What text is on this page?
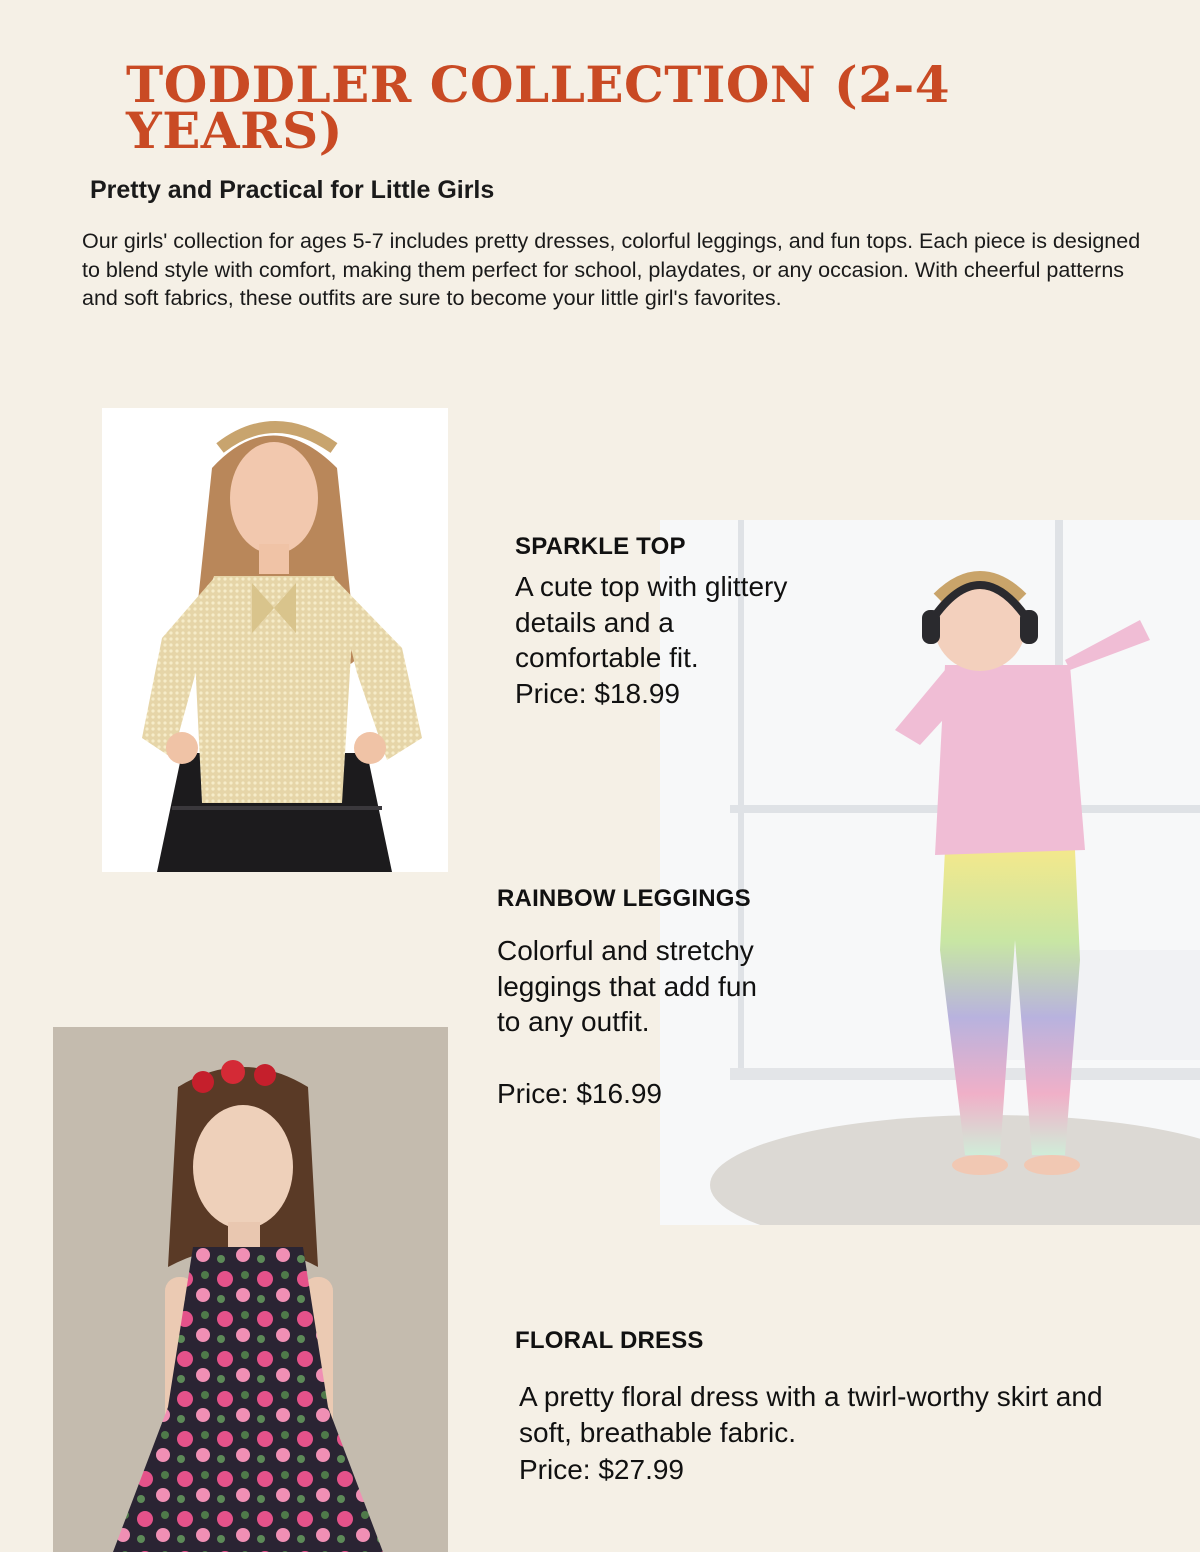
TODDLER COLLECTION (2-4 YEARS)
Pretty and Practical for Little Girls

Our girls' collection for ages 5-7 includes pretty dresses, colorful leggings, and fun tops. Each piece is designed to blend style with comfort, making them perfect for school, playdates, or any occasion. With cheerful patterns and soft fabrics, these outfits are sure to become your little girl's favorites.

SPARKLE TOP

A cute top with glittery details and a comfortable fit.

Price: $18.99

RAINBOW LEGGINGS

Colorful and stretchy leggings that add fun to any outfit.

Price: $16.99

FLORAL DRESS

A pretty floral dress with a twirl-worthy skirt and soft, breathable fabric.

Price: $27.99
